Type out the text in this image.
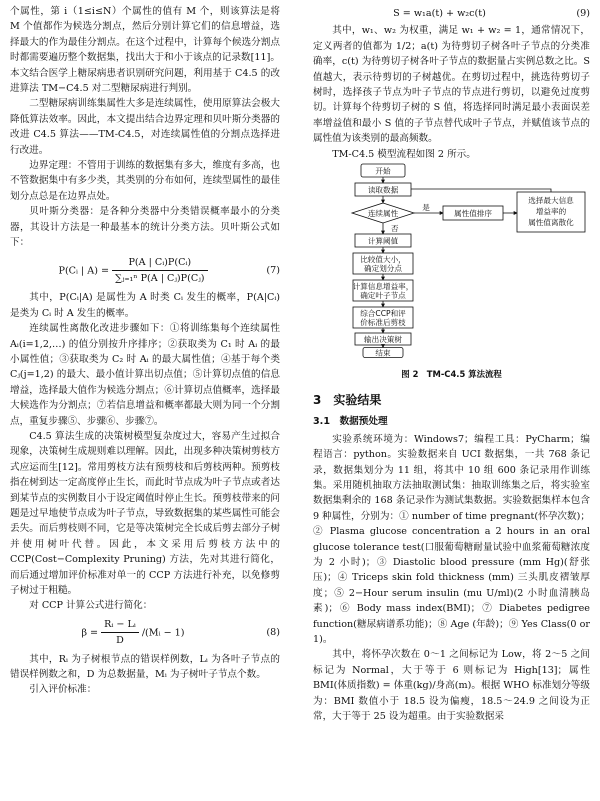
个属性，第 i（1≤i≤N）个属性的值有 M 个，则该算法是将 M 个值都作为候选分割点，然后分别计算它们的信息增益，选择最大的作为最佳分割点。在这个过程中，计算每个候选分割点时都需要遍历整个数据集，找出大于和小于该点的记录数[11]。本文结合医学上糖尿病患者识别研究问题，利用基于 C4.5 的改进算法 TM−C4.5 对二型糖尿病进行判别。

二型糖尿病训练集属性大多是连续属性，使用原算法会极大降低算法效率。因此，本文提出结合边界定理和贝叶斯分类器的改进 C4.5 算法——TM-C4.5，对连续属性值的分割点选择进行改进。

边界定理：不管用于训练的数据集有多大，维度有多高，也不管数据集中有多少类，其类别的分布如何，连续型属性的最佳划分点总是在边界点处。

贝叶斯分类器：是各种分类器中分类错误概率最小的分类器，其设计方法是一种最基本的统计分类方法。贝叶斯公式如下：

P(Cᵢ | $A) = \frac{\text{P(A | Cᵢ)P(Cᵢ)}}{\text{∑ⱼ₌₁ⁿ P(A | Cⱼ)P(Cⱼ)}}$	(7)

其中，P(Cᵢ|A) 是属性为 A 时类 Cᵢ 发生的概率，P(A|Cᵢ) 是类为 Cᵢ 时 A 发生的概率。

连续属性离散化改进步骤如下：①将训练集每个连续属性 Aᵢ(i=1,2,…) 的值分别按升序排序；②获取类为 C₁ 时 Aᵢ 的最小属性值；③获取类为 C₂ 时 Aᵢ 的最大属性值；④基于每个类 Cⱼ(j=1,2) 的最大、最小值计算出切点值；⑤计算切点值的信息增益，选择最大值作为候选分割点；⑥计算切点值概率，选择最大候选作为分割点；⑦若信息增益和概率都最大则为同一个分割点，重复步骤⑤、步骤⑥、步骤⑦。

C4.5 算法生成的决策树模型复杂度过大，容易产生过拟合现象，决策树生成规则难以理解。因此，出现多种决策树剪枝方式应运而生[12]。常用剪枝方法有预剪枝和后剪枝两种。预剪枝指在树到达一定高度停止生长，而此时节点成为叶子节点或者达到某节点的实例数目小于设定阈值时停止生长。预剪枝带来的问题是过早地使节点成为叶子节点，导致数据集的某些属性可能会丢失。而后剪枝则不同，它是等决策树完全长成后剪去部分子树并使用树叶代替。因此，本文采用后剪枝方法中的 CCP(Cost−Complexity Pruning) 方法，先对其进行简化，而后通过增加评价标准对单一的 CCP 方法进行补充，以免修剪子树过于粗糙。

对 CCP 计算公式进行简化：

$\beta = \frac{\text{Rᵢ − Lᵢ}}{D}$ /(Mᵢ − 1)	(8)

其中，Rᵢ 为子树根节点的错误样例数，Lᵢ 为各叶子节点的错误样例数之和，D 为总数据量，Mᵢ 为子树叶子节点个数。

引入评价标准：

S = w₁a(t) + w₂c(t)	(9)

其中，w₁、w₂ 为权重，满足 w₁ + w₂ = 1，通常情况下，定义两者的值都为 1/2；a(t) 为待剪切子树各叶子节点的分类准确率，c(t) 为待剪切子树各叶子节点的数据量占实例总数之比。S 值越大，表示待剪切的子树越优。在剪切过程中，挑选待剪切子树时，选择孩子节点为叶子节点的节点进行剪切，以避免过度剪切。计算每个待剪切子树的 S 值，将选择同时满足最小表面误差率增益值和最小 S 值的子节点替代成叶子节点，并赋值该节点的属性值为该类别的最高频数。

TM-C4.5 模型流程如图 2 所示。

开始
读取数据
连续属性
是
属性值排序
选择最大信息
增益率的
属性值离散化
否
计算阈值
比较值大小，
确定划分点
计算信息增益率，
确定叶子节点
综合CCP和评
价标准后剪枝
输出决策树
结束

图 2　TM-C4.5 算法流程

3　实验结果
3.1　数据预处理

实验系统环境为：Windows7；编程工具：PyCharm；编程语言：python。实验数据来自 UCI 数据集，一共 768 条记录，数据集划分为 11 组，将其中 10 组 600 条记录用作训练集。采用随机抽取方法抽取测试集：抽取训练集之后，将实验室数据集剩余的 168 条记录作为测试集数据。实验数据集样本包含 9 种属性，分别为：① number of time pregnant(怀孕次数)；② Plasma glucose concentration a 2 hours in an oral glucose tolerance test(口服葡萄糖耐量试验中血浆葡萄糖浓度为 2 小时)；③ Diastolic blood pressure (mm Hg)(舒张压)；④ Triceps skin fold thickness (mm) 三头肌皮褶皱厚度；⑤ 2−Hour serum insulin (mu U/ml)(2 小时血清胰岛素)；⑥ Body mass index(BMI)；⑦ Diabetes pedigree function(糖尿病谱系功能)；⑧ Age (年龄)；⑨ Yes Class(0 or 1)。

其中，将怀孕次数在 0～1 之间标记为 Low，将 2～5 之间标记为 Normal，大于等于 6 则标记为 High[13]；属性 BMI(体质指数) = 体重(kg)/身高(m)。根据 WHO 标准划分等级为：BMI 数值小于 18.5 设为偏瘦，18.5～24.9 之间设为正常，大于等于 25 设为超重。由于实验数据采
